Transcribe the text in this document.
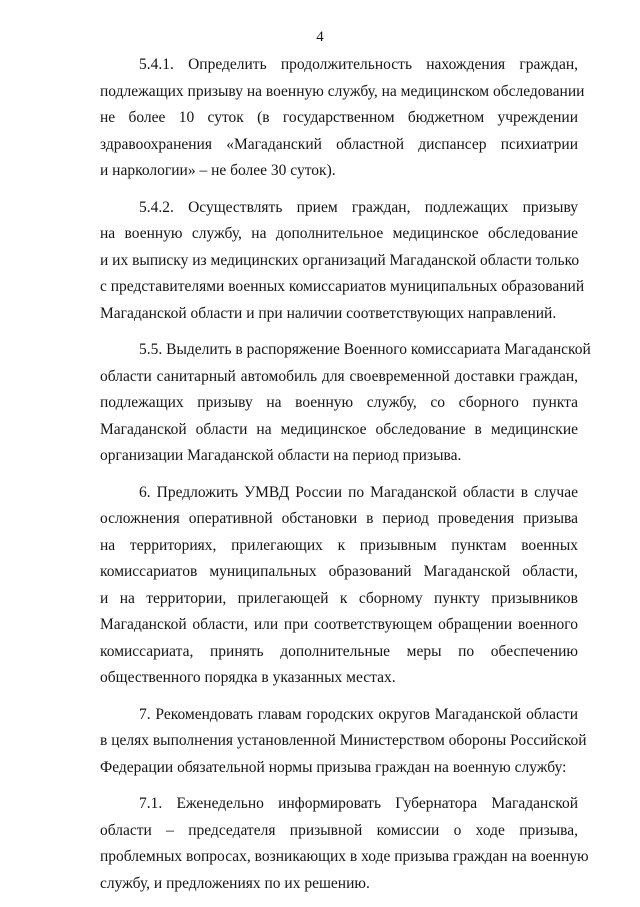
4
5.4.1. Определить продолжительность нахождения граждан,
подлежащих призыву на военную службу, на медицинском обследовании
не более 10 суток (в государственном бюджетном учреждении
здравоохранения «Магаданский областной диспансер психиатрии
и наркологии» – не более 30 суток).
5.4.2. Осуществлять прием граждан, подлежащих призыву
на военную службу, на дополнительное медицинское обследование
и их выписку из медицинских организаций Магаданской области только
с представителями военных комиссариатов муниципальных образований
Магаданской области и при наличии соответствующих направлений.
5.5. Выделить в распоряжение Военного комиссариата Магаданской
области санитарный автомобиль для своевременной доставки граждан,
подлежащих призыву на военную службу, со сборного пункта
Магаданской области на медицинское обследование в медицинские
организации Магаданской области на период призыва.
6. Предложить УМВД России по Магаданской области в случае
осложнения оперативной обстановки в период проведения призыва
на территориях, прилегающих к призывным пунктам военных
комиссариатов муниципальных образований Магаданской области,
и на территории, прилегающей к сборному пункту призывников
Магаданской области, или при соответствующем обращении военного
комиссариата, принять дополнительные меры по обеспечению
общественного порядка в указанных местах.
7. Рекомендовать главам городских округов Магаданской области
в целях выполнения установленной Министерством обороны Российской
Федерации обязательной нормы призыва граждан на военную службу:
7.1. Еженедельно информировать Губернатора Магаданской
области – председателя призывной комиссии о ходе призыва,
проблемных вопросах, возникающих в ходе призыва граждан на военную
службу, и предложениях по их решению.
